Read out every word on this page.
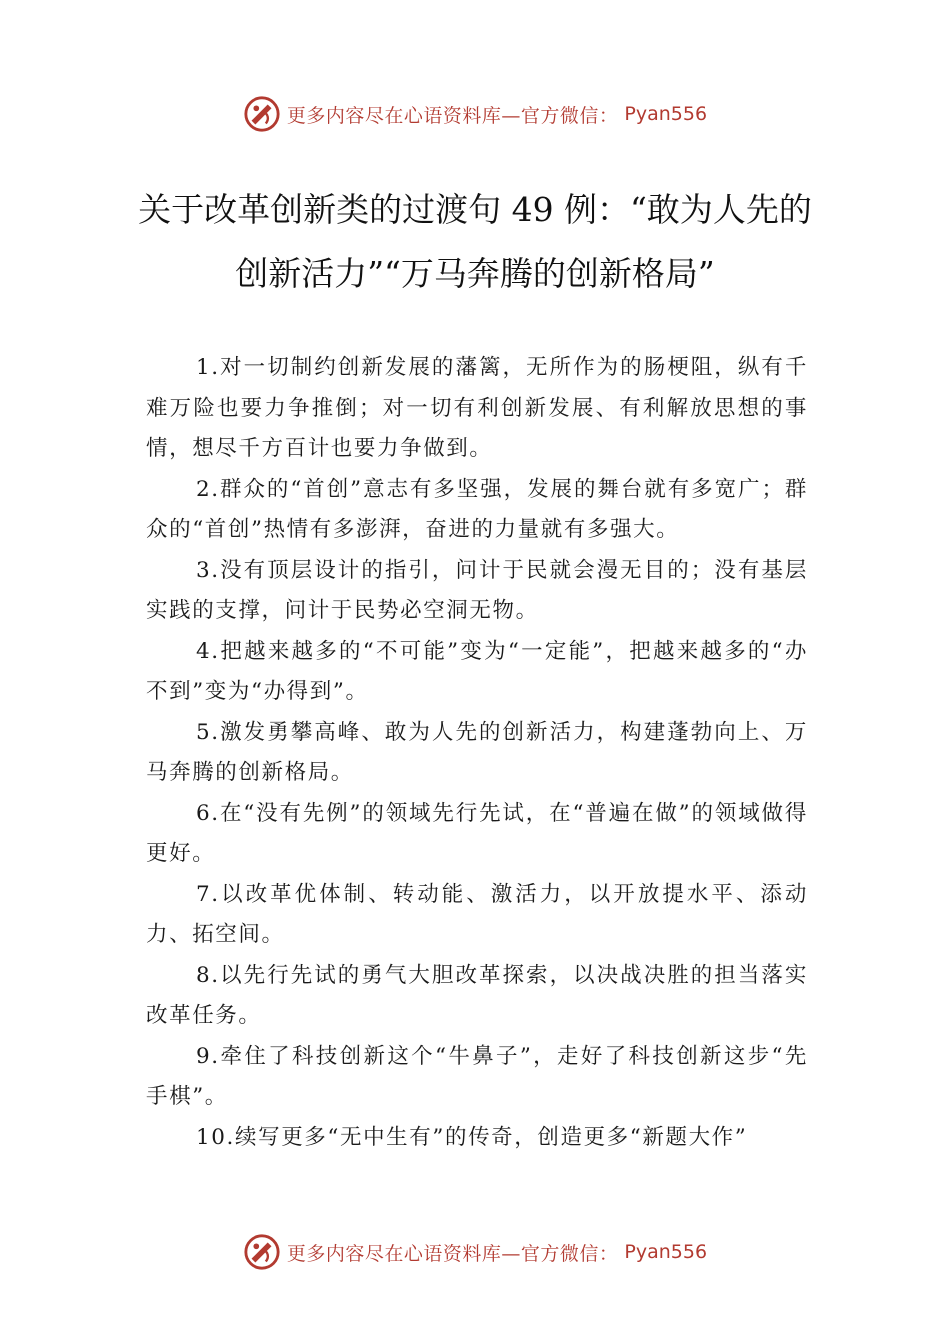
更多内容尽在心语资料库—官方微信： Pyan556
关于改革创新类的过渡句 49 例：“敢为人先的创新活力”“万马奔腾的创新格局”

1.对一切制约创新发展的藩篱，无所作为的肠梗阻，纵有千难万险也要力争推倒；对一切有利创新发展、有利解放思想的事情，想尽千方百计也要力争做到。

2.群众的“首创”意志有多坚强，发展的舞台就有多宽广；群众的“首创”热情有多澎湃，奋进的力量就有多强大。

3.没有顶层设计的指引，问计于民就会漫无目的；没有基层实践的支撑，问计于民势必空洞无物。

4.把越来越多的“不可能”变为“一定能”，把越来越多的“办不到”变为“办得到”。

5.激发勇攀高峰、敢为人先的创新活力，构建蓬勃向上、万马奔腾的创新格局。

6.在“没有先例”的领域先行先试，在“普遍在做”的领域做得更好。

7.以改革优体制、转动能、激活力，以开放提水平、添动力、拓空间。

8.以先行先试的勇气大胆改革探索，以决战决胜的担当落实改革任务。

9.牵住了科技创新这个“牛鼻子”，走好了科技创新这步“先手棋”。

10.续写更多“无中生有”的传奇，创造更多“新题大作”

更多内容尽在心语资料库—官方微信： Pyan556
